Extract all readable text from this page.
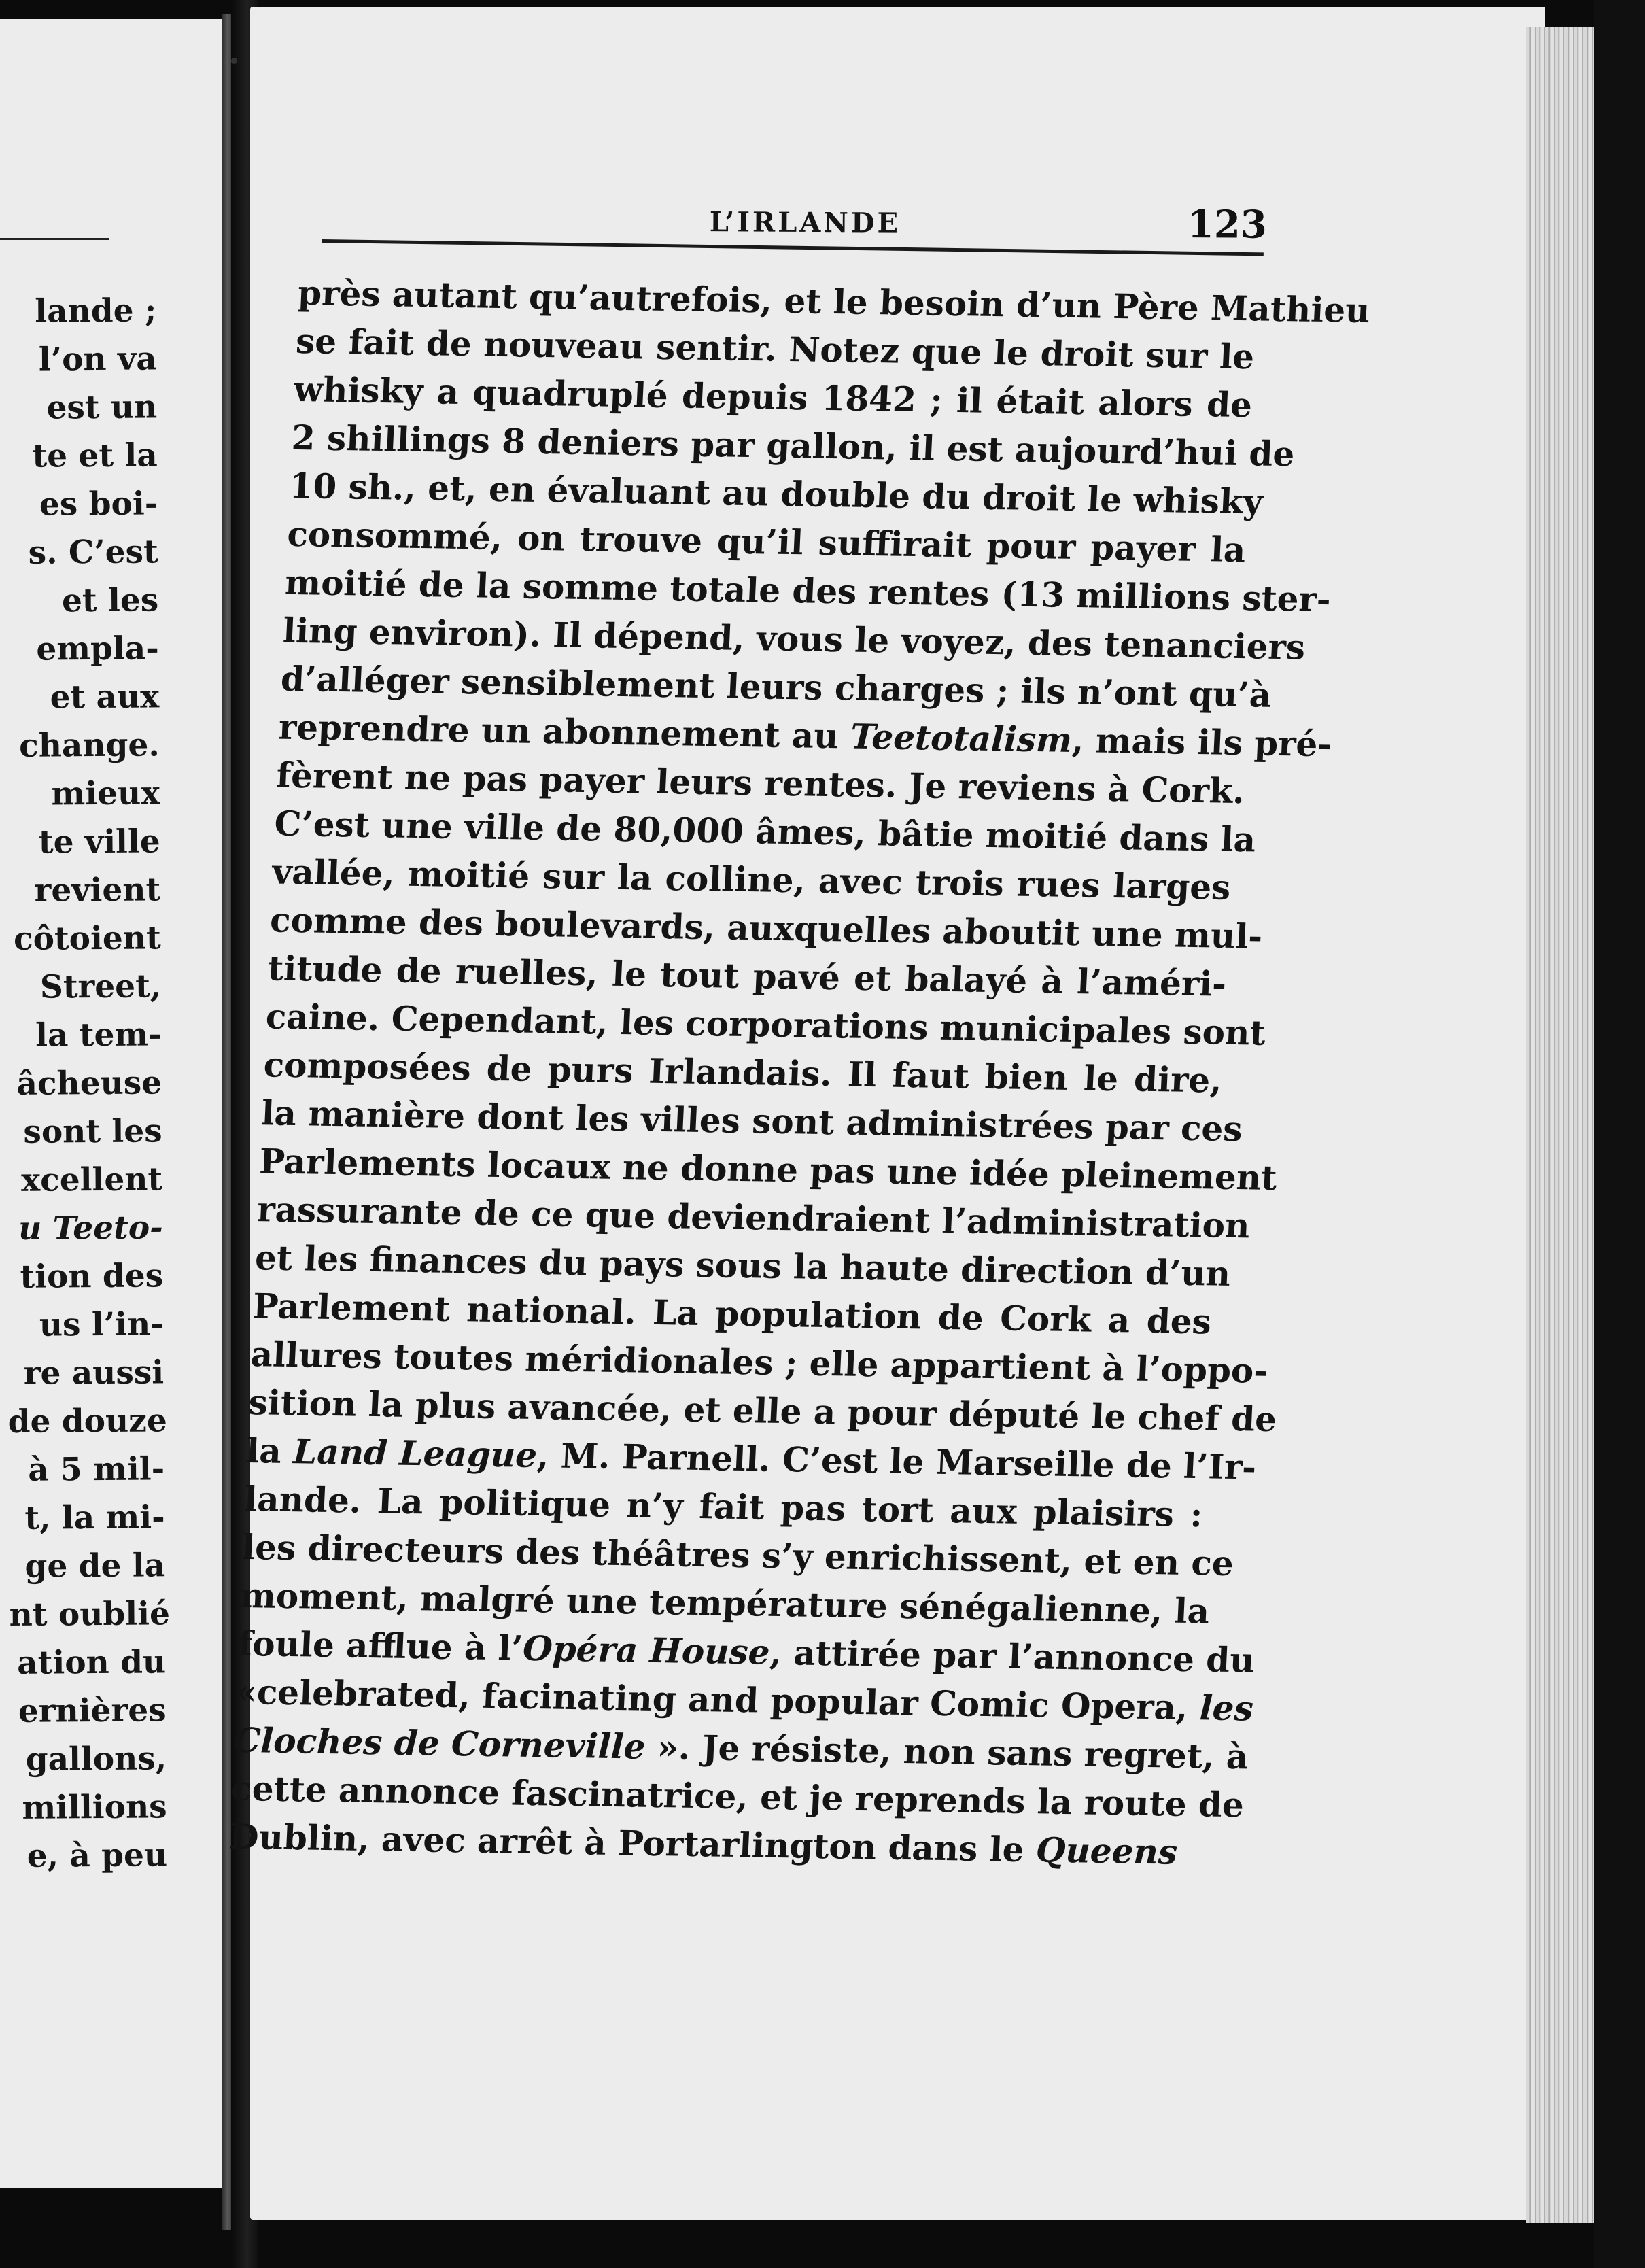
lande ;
l’on va
est un
te et la
es boi-
s. C’est
et les
empla-
et aux
change.
mieux
te ville
revient
côtoient
Street,
la tem-
âcheuse
sont les
xcellent
u Teeto-
tion des
us l’in-
re aussi
de douze
à 5 mil-
t, la mi-
ge de la
nt oublié
ation du
ernières
gallons,
millions
e, à peu
L’IRLANDE	123
près autant qu’autrefois, et le besoin d’un Père Mathieu
se fait de nouveau sentir. Notez que le droit sur le
whisky a quadruplé depuis 1842 ; il était alors de
2 shillings 8 deniers par gallon, il est aujourd’hui de
10 sh., et, en évaluant au double du droit le whisky
consommé, on trouve qu’il suffirait pour payer la
moitié de la somme totale des rentes (13 millions ster-
ling environ). Il dépend, vous le voyez, des tenanciers
d’alléger sensiblement leurs charges ; ils n’ont qu’à
reprendre un abonnement au Teetotalism, mais ils pré-
fèrent ne pas payer leurs rentes. Je reviens à Cork.
C’est une ville de 80,000 âmes, bâtie moitié dans la
vallée, moitié sur la colline, avec trois rues larges
comme des boulevards, auxquelles aboutit une mul-
titude de ruelles, le tout pavé et balayé à l’améri-
caine. Cependant, les corporations municipales sont
composées de purs Irlandais. Il faut bien le dire,
la manière dont les villes sont administrées par ces
Parlements locaux ne donne pas une idée pleinement
rassurante de ce que deviendraient l’administration
et les finances du pays sous la haute direction d’un
Parlement national. La population de Cork a des
allures toutes méridionales ; elle appartient à l’oppo-
sition la plus avancée, et elle a pour député le chef de
la Land League, M. Parnell. C’est le Marseille de l’Ir-
lande. La politique n’y fait pas tort aux plaisirs :
les directeurs des théâtres s’y enrichissent, et en ce
moment, malgré une température sénégalienne, la
foule afflue à l’Opéra House, attirée par l’annonce du
«celebrated, facinating and popular Comic Opera, les
Cloches de Corneville ». Je résiste, non sans regret, à
cette annonce fascinatrice, et je reprends la route de
Dublin, avec arrêt à Portarlington dans le Queens
